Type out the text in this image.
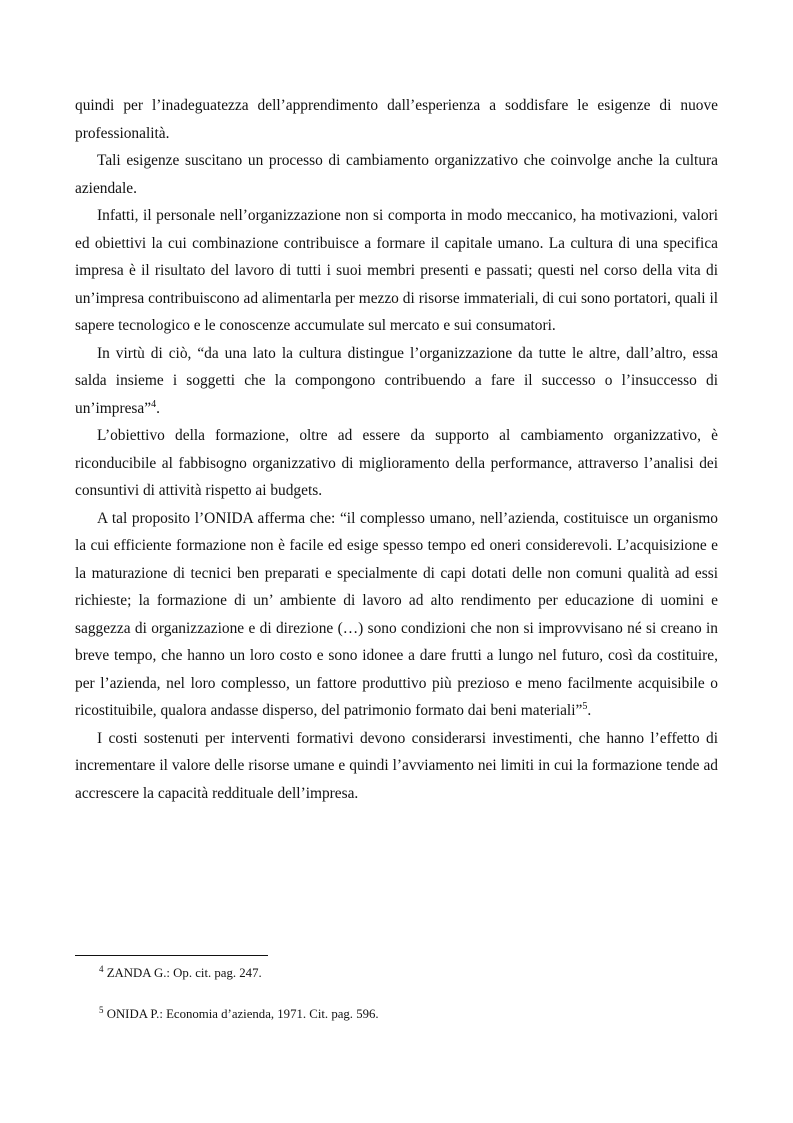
quindi per l’inadeguatezza dell’apprendimento dall’esperienza a soddisfare le esigenze di nuove professionalità.

Tali esigenze suscitano un processo di cambiamento organizzativo che coinvolge anche la cultura aziendale.

Infatti, il personale nell’organizzazione non si comporta in modo meccanico, ha motivazioni, valori ed obiettivi la cui combinazione contribuisce a formare il capitale umano. La cultura di una specifica impresa è il risultato del lavoro di tutti i suoi membri presenti e passati; questi nel corso della vita di un’impresa contribuiscono ad alimentarla per mezzo di risorse immateriali, di cui sono portatori, quali il sapere tecnologico e le conoscenze accumulate sul mercato e sui consumatori.

In virtù di ciò, “da una lato la cultura distingue l’organizzazione da tutte le altre, dall’altro, essa salda insieme i soggetti che la compongono contribuendo a fare il successo o l’insuccesso di un’impresa”$^4$.

L’obiettivo della formazione, oltre ad essere da supporto al cambiamento organizzativo, è riconducibile al fabbisogno organizzativo di miglioramento della performance, attraverso l’analisi dei consuntivi di attività rispetto ai budgets.

A tal proposito l’ONIDA afferma che: “il complesso umano, nell’azienda, costituisce un organismo la cui efficiente formazione non è facile ed esige spesso tempo ed oneri considerevoli. L’acquisizione e la maturazione di tecnici ben preparati e specialmente di capi dotati delle non comuni qualità ad essi richieste; la formazione di un’ ambiente di lavoro ad alto rendimento per educazione di uomini e saggezza di organizzazione e di direzione (…) sono condizioni che non si improvvisano né si creano in breve tempo, che hanno un loro costo e sono idonee a dare frutti a lungo nel futuro, così da costituire, per l’azienda, nel loro complesso, un fattore produttivo più prezioso e meno facilmente acquisibile o ricostituibile, qualora andasse disperso, del patrimonio formato dai beni materiali”$^5$.

I costi sostenuti per interventi formativi devono considerarsi investimenti, che hanno l’effetto di incrementare il valore delle risorse umane e quindi l’avviamento nei limiti in cui la formazione tende ad accrescere la capacità reddituale dell’impresa.

$^4$ ZANDA G.: Op. cit. pag. 247.
$^5$ ONIDA P.: Economia d’azienda, 1971. Cit. pag. 596.
